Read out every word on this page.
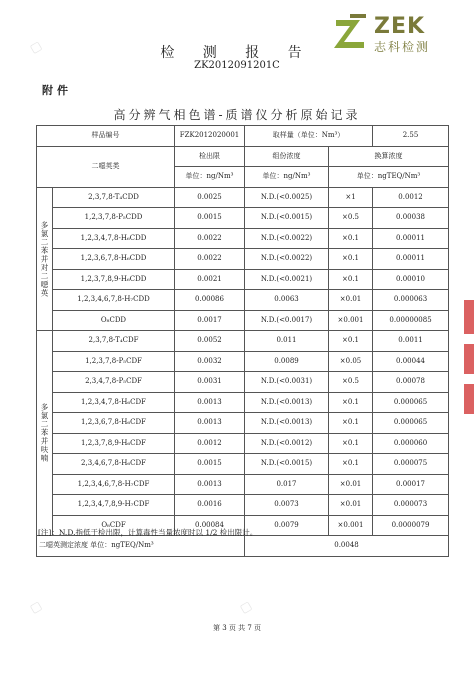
ZEK
志科检测
▢
▢	▢
检 测 报 告
ZK2012091201C
附件
高分辨气相色谱-质谱仪分析原始记录
样品编号		FZK2012020001	取样量（单位：Nm³）		2.55
二噁英类		检出限	组份浓度	换算浓度	
		单位：ng/Nm³	单位：ng/Nm³	单位：ngTEQ/Nm³	
多氯二苯并对二噁英	2,3,7,8-T₄CDD	0.0025	N.D.(<0.0025)	×1	0.0012
	1,2,3,7,8-P₅CDD	0.0015	N.D.(<0.0015)	×0.5	0.00038
	1,2,3,4,7,8-H₆CDD	0.0022	N.D.(<0.0022)	×0.1	0.00011
	1,2,3,6,7,8-H₆CDD	0.0022	N.D.(<0.0022)	×0.1	0.00011
	1,2,3,7,8,9-H₆CDD	0.0021	N.D.(<0.0021)	×0.1	0.00010
	1,2,3,4,6,7,8-H₇CDD	0.00086	0.0063	×0.01	0.000063
	O₈CDD	0.0017	N.D.(<0.0017)	×0.001	0.00000085
多氯二苯并呋喃	2,3,7,8-T₄CDF	0.0052	0.011	×0.1	0.0011
	1,2,3,7,8-P₅CDF	0.0032	0.0089	×0.05	0.00044
	2,3,4,7,8-P₅CDF	0.0031	N.D.(<0.0031)	×0.5	0.00078
	1,2,3,4,7,8-H₆CDF	0.0013	N.D.(<0.0013)	×0.1	0.000065
	1,2,3,6,7,8-H₆CDF	0.0013	N.D.(<0.0013)	×0.1	0.000065
	1,2,3,7,8,9-H₆CDF	0.0012	N.D.(<0.0012)	×0.1	0.000060
	2,3,4,6,7,8-H₆CDF	0.0015	N.D.(<0.0015)	×0.1	0.000075
	1,2,3,4,6,7,8-H₇CDF	0.0013	0.017	×0.01	0.00017
	1,2,3,4,7,8,9-H₇CDF	0.0016	0.0073	×0.01	0.000073
	O₈CDF	0.00084	0.0079	×0.001	0.0000079
二噁英测定浓度 单位：ngTEQ/Nm³			0.0048		
[注]：N.D.指低于检出限，计算毒性当量浓度时以 1/2 检出限计。
第 3 页 共 7 页
